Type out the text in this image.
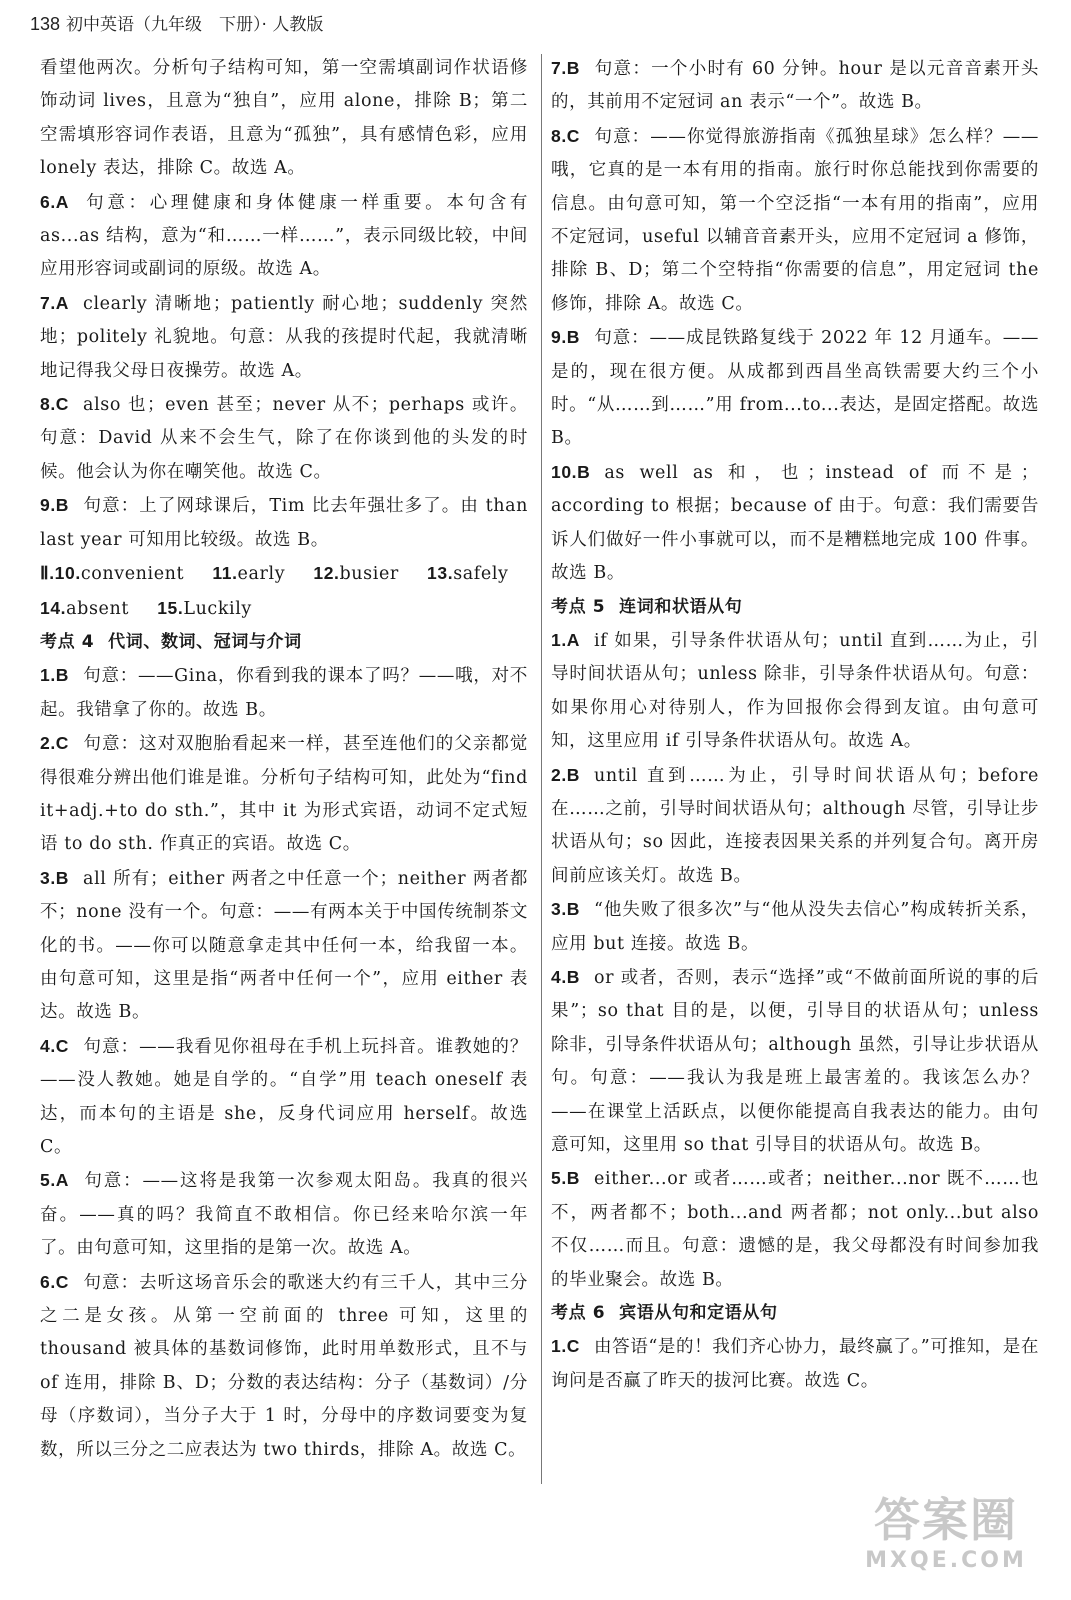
138 初中英语（九年级　下册）· 人教版
看望他两次。分析句子结构可知，第一空需填副词作状语修饰动词 lives，且意为“独自”，应用 alone，排除 B；第二空需填形容词作表语，且意为“孤独”，具有感情色彩，应用 lonely 表达，排除 C。故选 A。
6.A 句意：心理健康和身体健康一样重要。本句含有 as...as 结构，意为“和……一样……”，表示同级比较，中间应用形容词或副词的原级。故选 A。
7.A clearly 清晰地；patiently 耐心地；suddenly 突然地；politely 礼貌地。句意：从我的孩提时代起，我就清晰地记得我父母日夜操劳。故选 A。
8.C also 也；even 甚至；never 从不；perhaps 或许。句意：David 从来不会生气，除了在你谈到他的头发的时候。他会认为你在嘲笑他。故选 C。
9.B 句意：上了网球课后，Tim 比去年强壮多了。由 than last year 可知用比较级。故选 B。
Ⅱ.10.convenient 11.early 12.busier 13.safely
14.absent 15.Luckily
考点 4 代词、数词、冠词与介词
1.B 句意：——Gina，你看到我的课本了吗？——哦，对不起。我错拿了你的。故选 B。
2.C 句意：这对双胞胎看起来一样，甚至连他们的父亲都觉得很难分辨出他们谁是谁。分析句子结构可知，此处为“find it+adj.+to do sth.”，其中 it 为形式宾语，动词不定式短语 to do sth. 作真正的宾语。故选 C。
3.B all 所有；either 两者之中任意一个；neither 两者都不；none 没有一个。句意：——有两本关于中国传统制茶文化的书。——你可以随意拿走其中任何一本，给我留一本。由句意可知，这里是指“两者中任何一个”，应用 either 表达。故选 B。
4.C 句意：——我看见你祖母在手机上玩抖音。谁教她的？——没人教她。她是自学的。“自学”用 teach oneself 表达，而本句的主语是 she，反身代词应用 herself。故选 C。
5.A 句意：——这将是我第一次参观太阳岛。我真的很兴奋。——真的吗？我简直不敢相信。你已经来哈尔滨一年了。由句意可知，这里指的是第一次。故选 A。
6.C 句意：去听这场音乐会的歌迷大约有三千人，其中三分之二是女孩。从第一空前面的 three 可知，这里的 thousand 被具体的基数词修饰，此时用单数形式，且不与 of 连用，排除 B、D；分数的表达结构：分子（基数词）/分母（序数词），当分子大于 1 时，分母中的序数词要变为复数，所以三分之二应表达为 two thirds，排除 A。故选 C。
7.B 句意：一个小时有 60 分钟。hour 是以元音音素开头的，其前用不定冠词 an 表示“一个”。故选 B。
8.C 句意：——你觉得旅游指南《孤独星球》怎么样？——哦，它真的是一本有用的指南。旅行时你总能找到你需要的信息。由句意可知，第一个空泛指“一本有用的指南”，应用不定冠词，useful 以辅音音素开头，应用不定冠词 a 修饰，排除 B、D；第二个空特指“你需要的信息”，用定冠词 the 修饰，排除 A。故选 C。
9.B 句意：——成昆铁路复线于 2022 年 12 月通车。——是的，现在很方便。从成都到西昌坐高铁需要大约三个小时。“从……到……”用 from...to...表达，是固定搭配。故选 B。
10.B as well as 和，也；instead of 而不是；according to 根据；because of 由于。句意：我们需要告诉人们做好一件小事就可以，而不是糟糕地完成 100 件事。故选 B。
考点 5 连词和状语从句
1.A if 如果，引导条件状语从句；until 直到……为止，引导时间状语从句；unless 除非，引导条件状语从句。句意：如果你用心对待别人，作为回报你会得到友谊。由句意可知，这里应用 if 引导条件状语从句。故选 A。
2.B until 直到……为止，引导时间状语从句；before 在……之前，引导时间状语从句；although 尽管，引导让步状语从句；so 因此，连接表因果关系的并列复合句。离开房间前应该关灯。故选 B。
3.B “他失败了很多次”与“他从没失去信心”构成转折关系，应用 but 连接。故选 B。
4.B or 或者，否则，表示“选择”或“不做前面所说的事的后果”；so that 目的是，以便，引导目的状语从句；unless 除非，引导条件状语从句；although 虽然，引导让步状语从句。句意：——我认为我是班上最害羞的。我该怎么办？——在课堂上活跃点，以便你能提高自我表达的能力。由句意可知，这里用 so that 引导目的状语从句。故选 B。
5.B either...or 或者……或者；neither...nor 既不……也不，两者都不；both...and 两者都；not only...but also 不仅……而且。句意：遗憾的是，我父母都没有时间参加我的毕业聚会。故选 B。
考点 6 宾语从句和定语从句
1.C 由答语“是的！我们齐心协力，最终赢了。”可推知，是在询问是否赢了昨天的拔河比赛。故选 C。
答案圈
MXQE.COM
